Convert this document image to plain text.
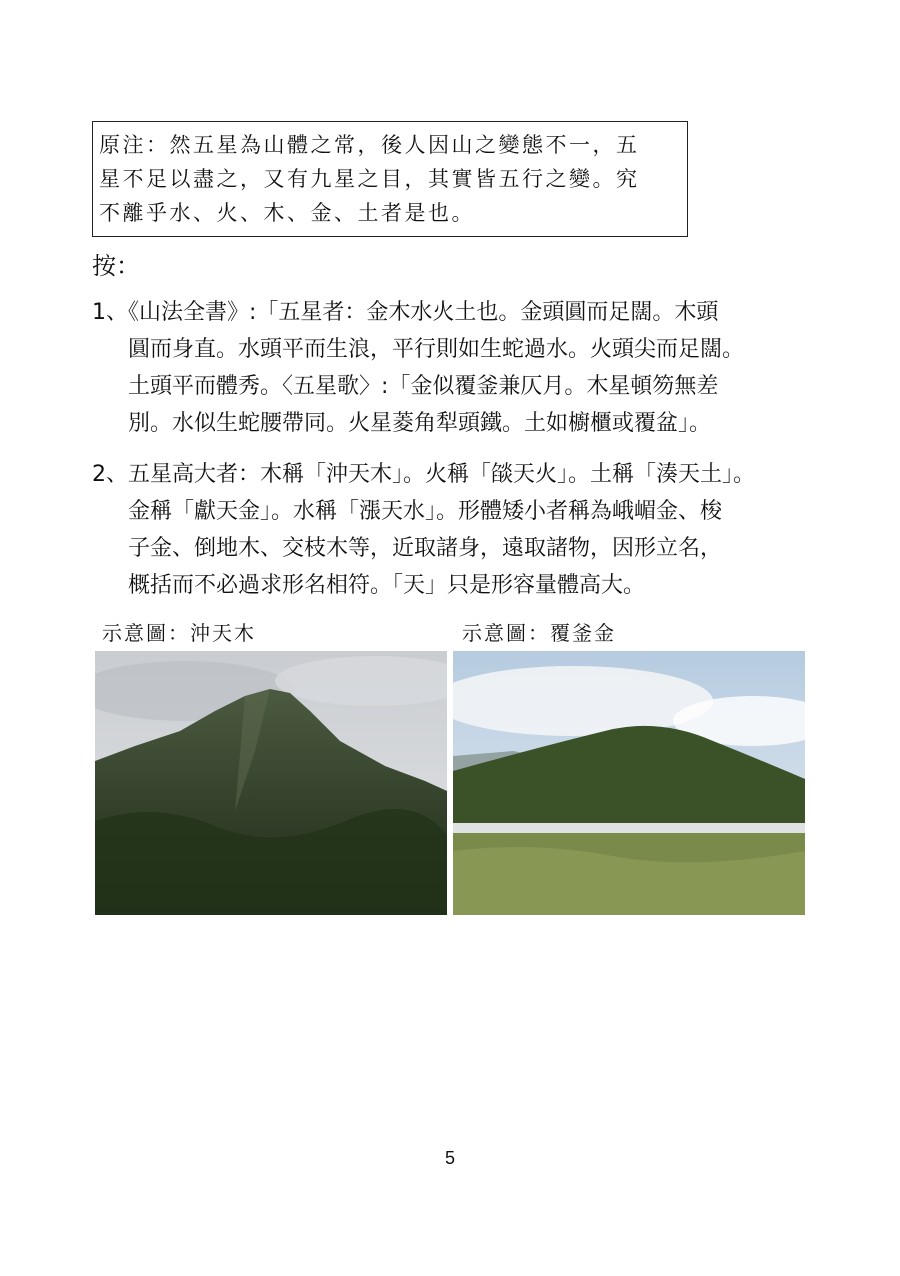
原注：然五星為山體之常，後人因山之變態不一，五
星不足以盡之，又有九星之目，其實皆五行之變。究
不離乎水、火、木、金、土者是也。
按：
1、《山法全書》:「五星者：金木水火土也。金頭圓而足闊。木頭
圓而身直。水頭平而生浪，平行則如生蛇過水。火頭尖而足闊。
土頭平而體秀。〈五星歌〉:「金似覆釜兼仄月。木星頓笏無差
別。水似生蛇腰帶同。火星菱角犁頭鐵。土如櫥櫃或覆盆」。
2、五星高大者：木稱「沖天木」。火稱「燄天火」。土稱「湊天土」。
金稱「獻天金」。水稱「漲天水」。形體矮小者稱為峨嵋金、梭
子金、倒地木、交枝木等，近取諸身，遠取諸物，因形立名，
概括而不必過求形名相符。「天」只是形容量體高大。
示意圖：沖天木	示意圖：覆釜金
5
